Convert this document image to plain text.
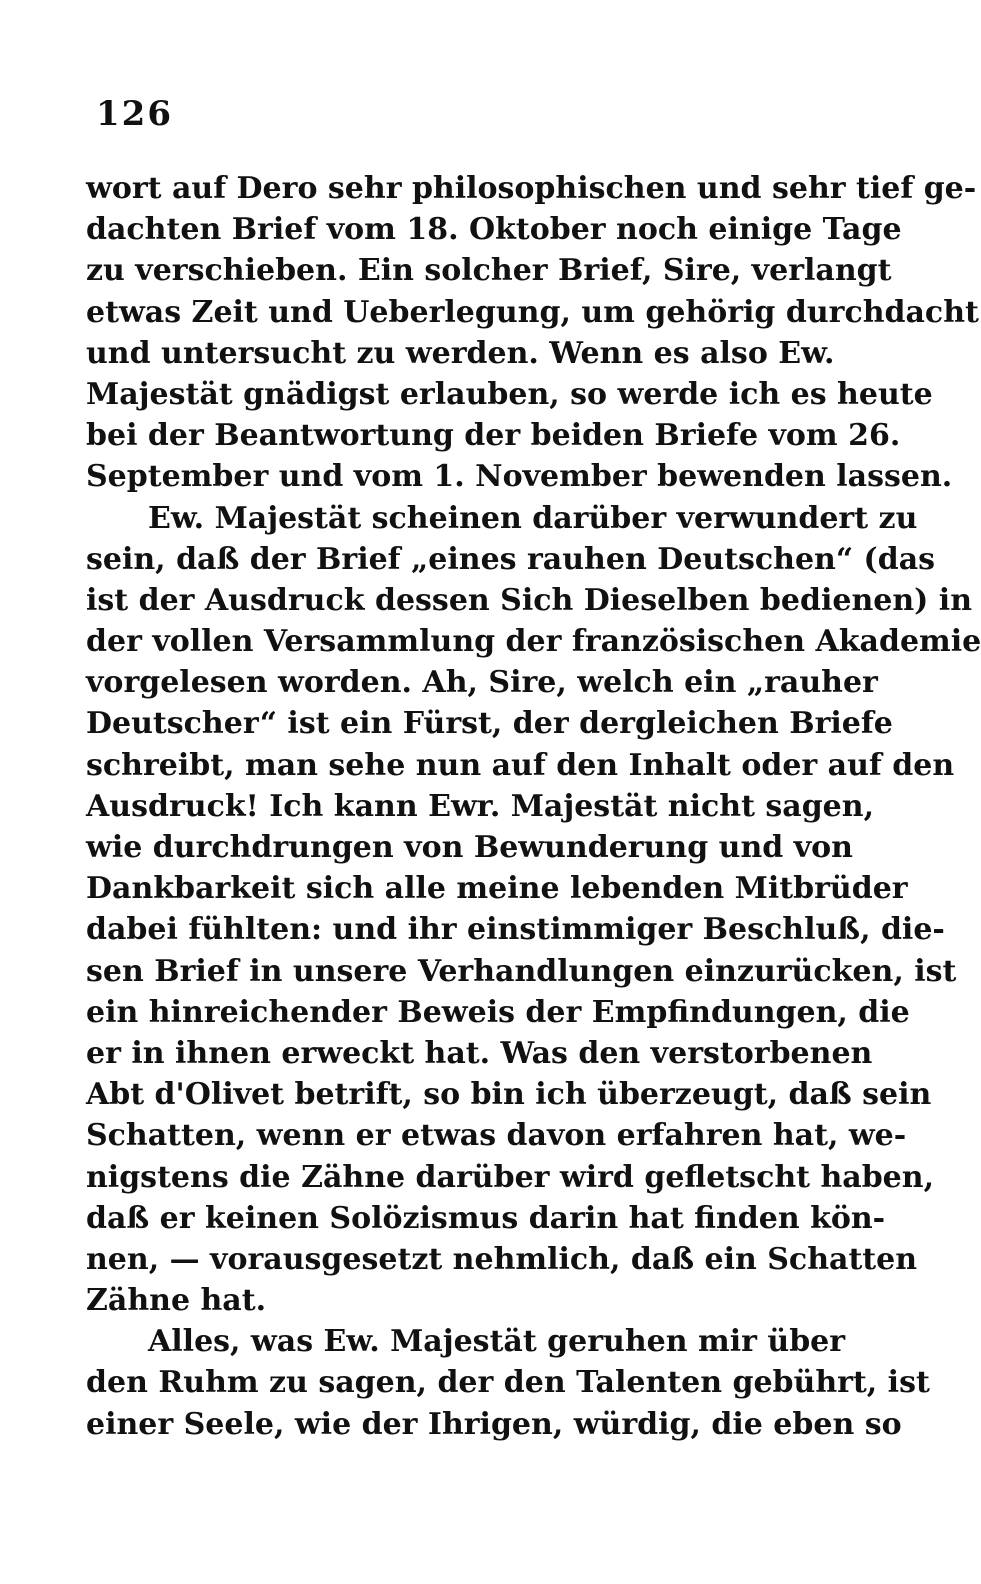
126
wort auf Dero sehr philosophischen und sehr tief ge-
dachten Brief vom 18. Oktober noch einige Tage
zu verschieben. Ein solcher Brief, Sire, verlangt
etwas Zeit und Ueberlegung, um gehörig durchdacht
und untersucht zu werden. Wenn es also Ew.
Majestät gnädigst erlauben, so werde ich es heute
bei der Beantwortung der beiden Briefe vom 26.
September und vom 1. November bewenden lassen.
Ew. Majestät scheinen darüber verwundert zu
sein, daß der Brief „eines rauhen Deutschen“ (das
ist der Ausdruck dessen Sich Dieselben bedienen) in
der vollen Versammlung der französischen Akademie
vorgelesen worden. Ah, Sire, welch ein „rauher
Deutscher“ ist ein Fürst, der dergleichen Briefe
schreibt, man sehe nun auf den Inhalt oder auf den
Ausdruck! Ich kann Ewr. Majestät nicht sagen,
wie durchdrungen von Bewunderung und von
Dankbarkeit sich alle meine lebenden Mitbrüder
dabei fühlten: und ihr einstimmiger Beschluß, die-
sen Brief in unsere Verhandlungen einzurücken, ist
ein hinreichender Beweis der Empfindungen, die
er in ihnen erweckt hat. Was den verstorbenen
Abt d'Olivet betrift, so bin ich überzeugt, daß sein
Schatten, wenn er etwas davon erfahren hat, we-
nigstens die Zähne darüber wird gefletscht haben,
daß er keinen Solözismus darin hat finden kön-
nen, — vorausgesetzt nehmlich, daß ein Schatten
Zähne hat.
Alles, was Ew. Majestät geruhen mir über
den Ruhm zu sagen, der den Talenten gebührt, ist
einer Seele, wie der Ihrigen, würdig, die eben so
